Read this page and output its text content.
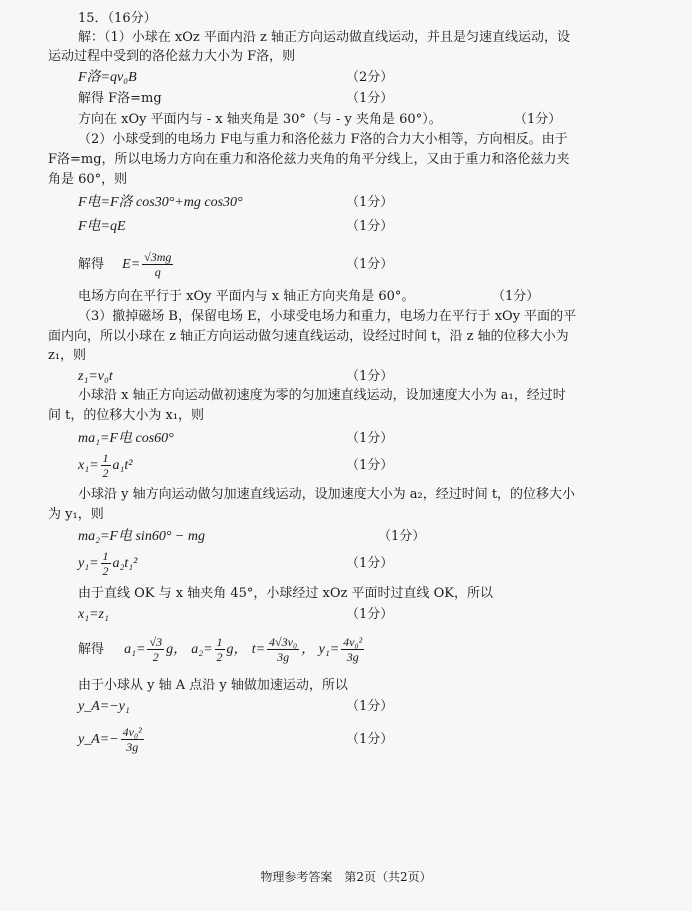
15．（16分）
解：（1）小球在 xOz 平面内沿 z 轴正方向运动做直线运动，并且是匀速直线运动，设
运动过程中受到的洛伦兹力大小为 F洛，则
F洛=qv₀B	（2分）
解得 F洛=mg	（1分）
方向在 xOy 平面内与 - x 轴夹角是 30°（与 - y 夹角是 60°）。	（1分）
（2）小球受到的电场力 F电与重力和洛伦兹力 F洛的合力大小相等，方向相反。由于
F洛=mg，所以电场力方向在重力和洛伦兹力夹角的角平分线上，又由于重力和洛伦兹力夹
角是 60°，则
F电=F洛 cos30°+mg cos30°	（1分）
F电=qE	（1分）
解得 $E= \frac{√3mg}{q}$	（1分）
电场方向在平行于 xOy 平面内与 x 轴正方向夹角是 60°。	（1分）
（3）撤掉磁场 B，保留电场 E，小球受电场力和重力，电场力在平行于 xOy 平面的平
面内向，所以小球在 z 轴正方向运动做匀速直线运动，设经过时间 t，沿 z 轴的位移大小为
z₁，则
z₁=v₀t	（1分）
小球沿 x 轴正方向运动做初速度为零的匀加速直线运动，设加速度大小为 a₁，经过时
间 t，的位移大小为 x₁，则
ma₁=F电 cos60°	（1分）
$x_1= \frac{1}{2} a_1t^2$	（1分）
小球沿 y 轴方向运动做匀加速直线运动，设加速度大小为 a₂，经过时间 t，的位移大小
为 y₁，则
ma₂=F电 sin60° − mg	（1分）
$y_1= \frac{1}{2} a_2t_1^2$	（1分）
由于直线 OK 与 x 轴夹角 45°，小球经过 xOz 平面时过直线 OK，所以
x₁=z₁	（1分）
解得 $a_1= \frac{√3}{2}$ g， $a_2= \frac{1}{2}$ g， $t= \frac{\text{4√3v₀}}{3g}$ ， $y_1= \frac{\text{4v₀²}}{3g}$
由于小球从 y 轴 A 点沿 y 轴做加速运动，所以
y_A=−y₁	（1分）
y_A=− $\frac{\text{4v₀²}}{3g}$	（1分）
物理参考答案　第2页（共2页）
